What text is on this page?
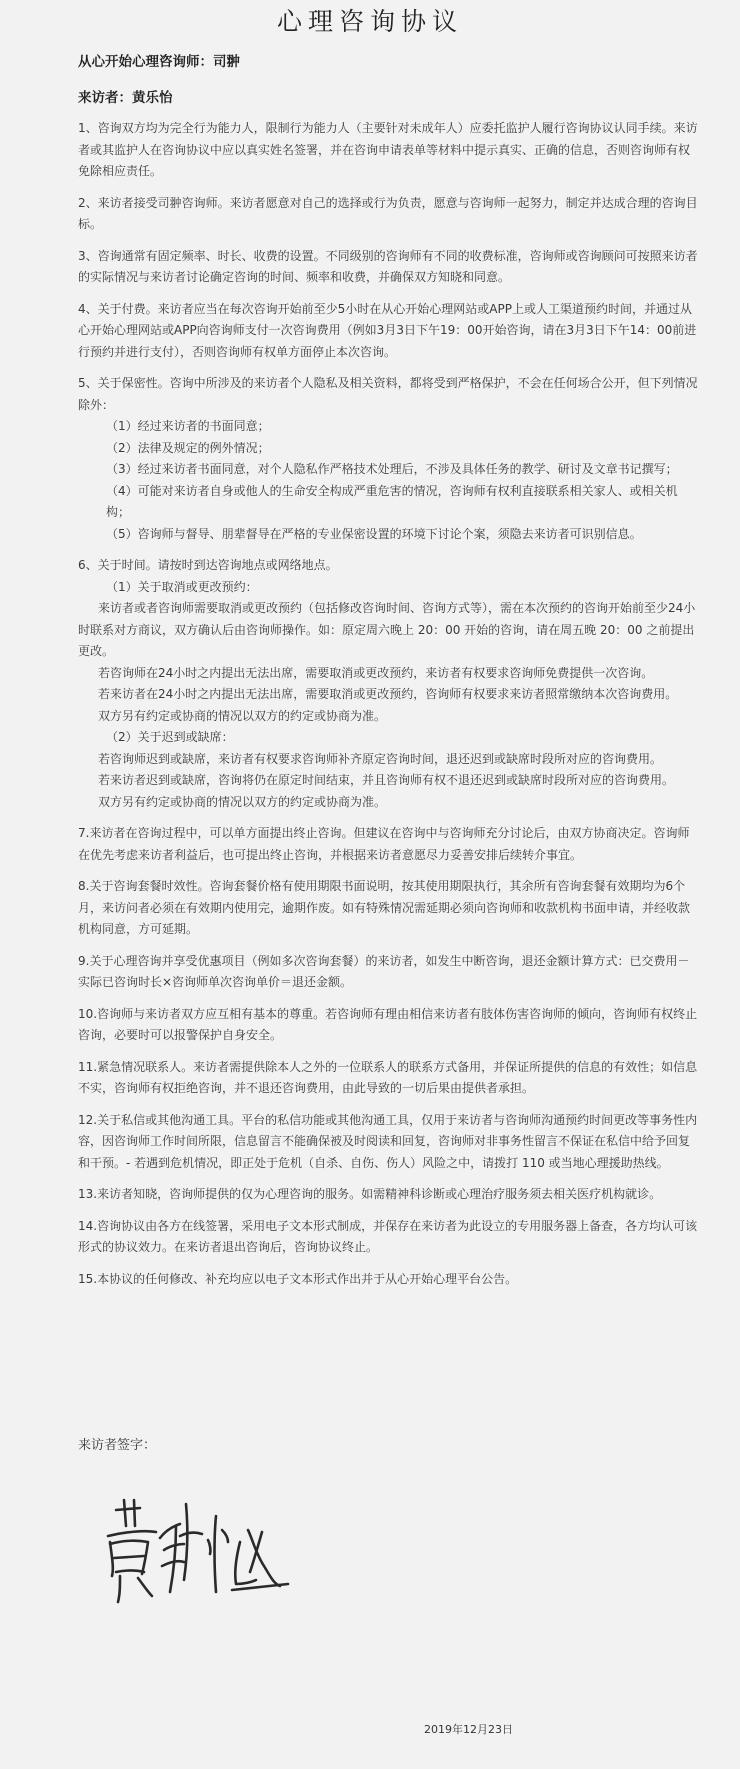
心理咨询协议
从心开始心理咨询师：司翀
来访者：黄乐怡
1、咨询双方均为完全行为能力人，限制行为能力人（主要针对未成年人）应委托监护人履行咨询协议认同手续。来访者或其监护人在咨询协议中应以真实姓名签署，并在咨询申请表单等材料中提示真实、正确的信息，否则咨询师有权免除相应责任。
2、来访者接受司翀咨询师。来访者愿意对自己的选择或行为负责，愿意与咨询师一起努力，制定并达成合理的咨询目标。
3、咨询通常有固定频率、时长、收费的设置。不同级别的咨询师有不同的收费标准，咨询师或咨询顾问可按照来访者的实际情况与来访者讨论确定咨询的时间、频率和收费，并确保双方知晓和同意。
4、关于付费。来访者应当在每次咨询开始前至少5小时在从心开始心理网站或APP上或人工渠道预约时间，并通过从心开始心理网站或APP向咨询师支付一次咨询费用（例如3月3日下午19：00开始咨询，请在3月3日下午14：00前进行预约并进行支付），否则咨询师有权单方面停止本次咨询。
5、关于保密性。咨询中所涉及的来访者个人隐私及相关资料，都将受到严格保护，不会在任何场合公开，但下列情况除外：
（1）经过来访者的书面同意；
（2）法律及规定的例外情况；
（3）经过来访者书面同意，对个人隐私作严格技术处理后，不涉及具体任务的教学、研讨及文章书记撰写；
（4）可能对来访者自身或他人的生命安全构成严重危害的情况，咨询师有权利直接联系相关家人、或相关机构；
（5）咨询师与督导、朋辈督导在严格的专业保密设置的环境下讨论个案，须隐去来访者可识别信息。
6、关于时间。请按时到达咨询地点或网络地点。
（1）关于取消或更改预约：
来访者或者咨询师需要取消或更改预约（包括修改咨询时间、咨询方式等），需在本次预约的咨询开始前至少24小时联系对方商议，双方确认后由咨询师操作。如：原定周六晚上 20：00 开始的咨询，请在周五晚 20：00 之前提出更改。
若咨询师在24小时之内提出无法出席，需要取消或更改预约，来访者有权要求咨询师免费提供一次咨询。
若来访者在24小时之内提出无法出席，需要取消或更改预约，咨询师有权要求来访者照常缴纳本次咨询费用。
双方另有约定或协商的情况以双方的约定或协商为准。
（2）关于迟到或缺席：
若咨询师迟到或缺席，来访者有权要求咨询师补齐原定咨询时间，退还迟到或缺席时段所对应的咨询费用。
若来访者迟到或缺席，咨询将仍在原定时间结束，并且咨询师有权不退还迟到或缺席时段所对应的咨询费用。
双方另有约定或协商的情况以双方的约定或协商为准。
7.来访者在咨询过程中，可以单方面提出终止咨询。但建议在咨询中与咨询师充分讨论后，由双方协商决定。咨询师在优先考虑来访者利益后，也可提出终止咨询，并根据来访者意愿尽力妥善安排后续转介事宜。
8.关于咨询套餐时效性。咨询套餐价格有使用期限书面说明，按其使用期限执行，其余所有咨询套餐有效期均为6个月，来访问者必须在有效期内使用完，逾期作废。如有特殊情况需延期必须向咨询师和收款机构书面申请，并经收款机构同意，方可延期。
9.关于心理咨询并享受优惠项目（例如多次咨询套餐）的来访者，如发生中断咨询，退还金额计算方式：已交费用－实际已咨询时长×咨询师单次咨询单价＝退还金额。
10.咨询师与来访者双方应互相有基本的尊重。若咨询师有理由相信来访者有肢体伤害咨询师的倾向，咨询师有权终止咨询，必要时可以报警保护自身安全。
11.紧急情况联系人。来访者需提供除本人之外的一位联系人的联系方式备用，并保证所提供的信息的有效性；如信息不实，咨询师有权拒绝咨询，并不退还咨询费用，由此导致的一切后果由提供者承担。
12.关于私信或其他沟通工具。平台的私信功能或其他沟通工具，仅用于来访者与咨询师沟通预约时间更改等事务性内容，因咨询师工作时间所限，信息留言不能确保被及时阅读和回复，咨询师对非事务性留言不保证在私信中给予回复和干预。- 若遇到危机情况，即正处于危机（自杀、自伤、伤人）风险之中，请拨打 110 或当地心理援助热线。
13.来访者知晓，咨询师提供的仅为心理咨询的服务。如需精神科诊断或心理治疗服务须去相关医疗机构就诊。
14.咨询协议由各方在线签署，采用电子文本形式制成，并保存在来访者为此设立的专用服务器上备查，各方均认可该形式的协议效力。在来访者退出咨询后，咨询协议终止。
15.本协议的任何修改、补充均应以电子文本形式作出并于从心开始心理平台公告。
来访者签字：
2019年12月23日
